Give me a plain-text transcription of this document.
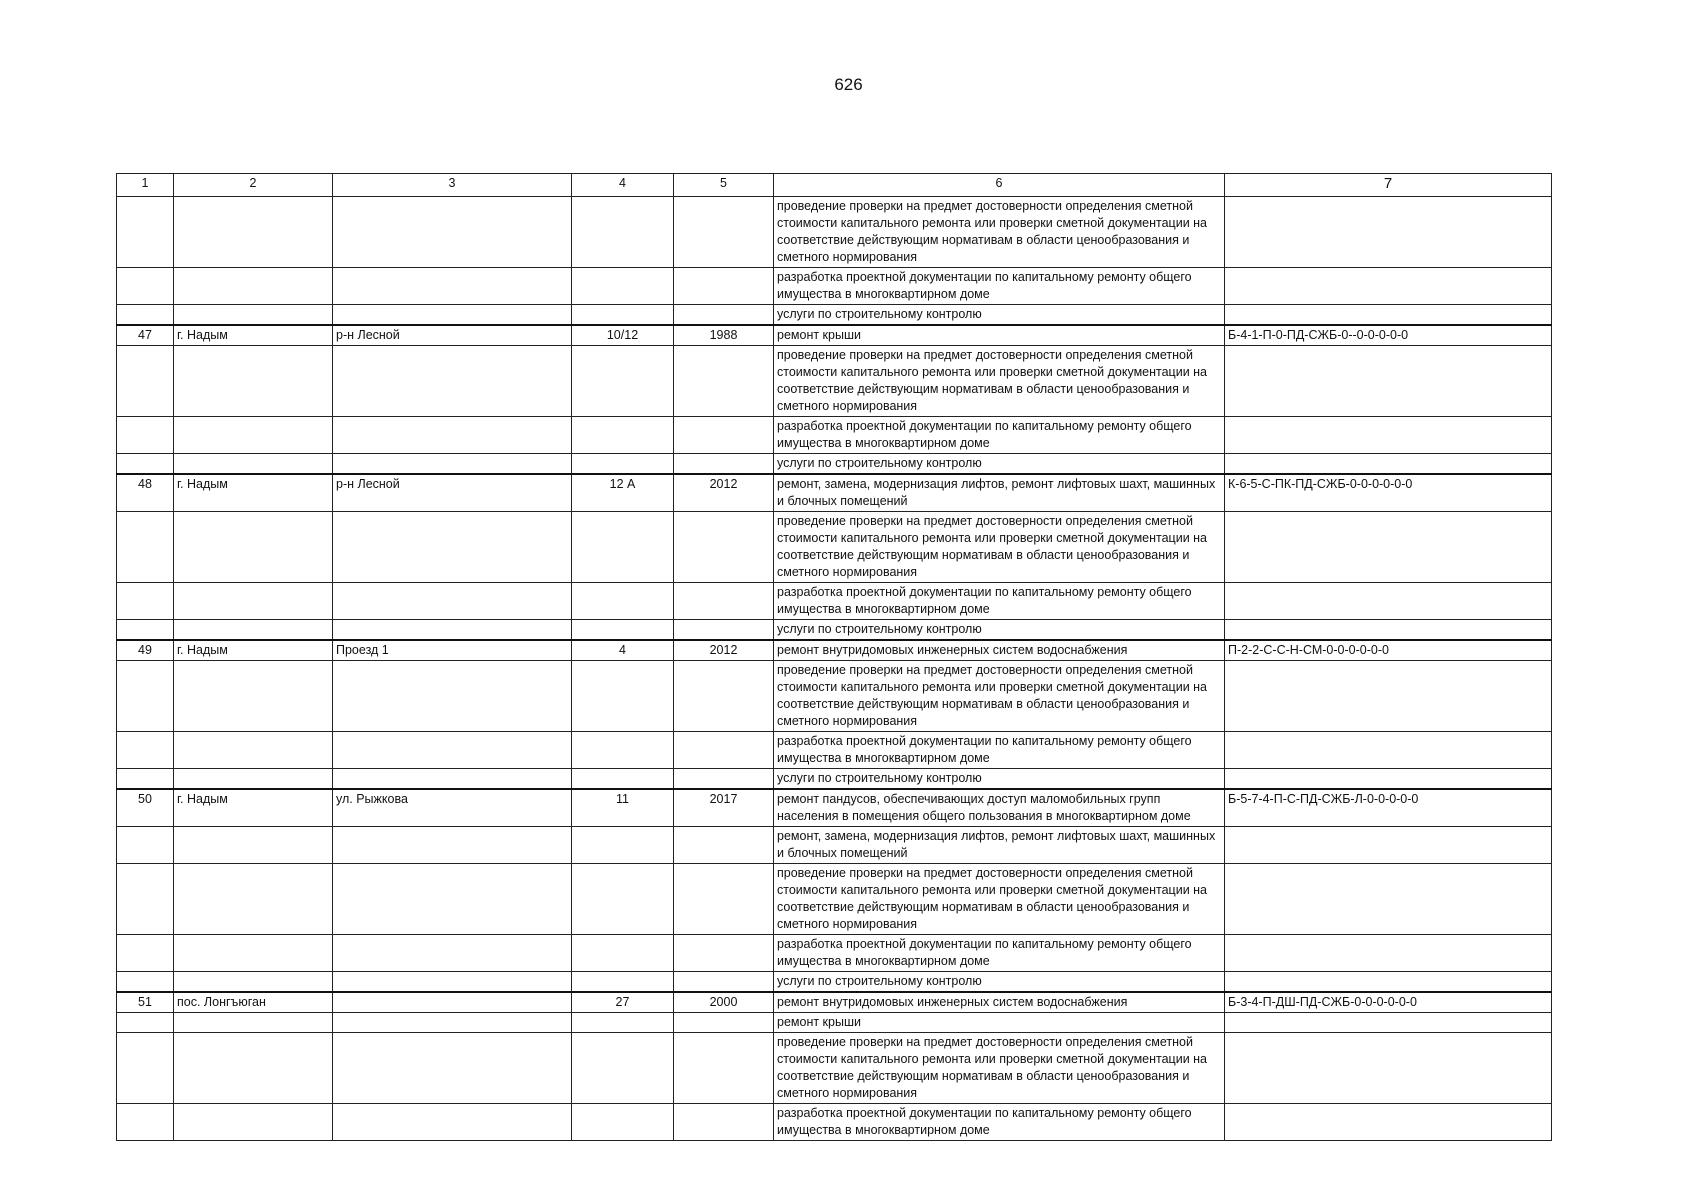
626
1	2	3	4	5	6	7
					проведение проверки на предмет достоверности определения сметной стоимости капитального ремонта или проверки сметной документации на соответствие действующим нормативам в области ценообразования и сметного нормирования	
					разработка проектной документации по капитальному ремонту общего имущества в многоквартирном доме	
					услуги по строительному контролю	
47	г. Надым	р-н Лесной	10/12	1988	ремонт крыши	Б-4-1-П-0-ПД-СЖБ-0--0-0-0-0-0
					проведение проверки на предмет достоверности определения сметной стоимости капитального ремонта или проверки сметной документации на соответствие действующим нормативам в области ценообразования и сметного нормирования	
					разработка проектной документации по капитальному ремонту общего имущества в многоквартирном доме	
					услуги по строительному контролю	
48	г. Надым	р-н Лесной	12 А	2012	ремонт, замена, модернизация лифтов, ремонт лифтовых шахт, машинных и блочных помещений	К-6-5-С-ПК-ПД-СЖБ-0-0-0-0-0-0
					проведение проверки на предмет достоверности определения сметной стоимости капитального ремонта или проверки сметной документации на соответствие действующим нормативам в области ценообразования и сметного нормирования	
					разработка проектной документации по капитальному ремонту общего имущества в многоквартирном доме	
					услуги по строительному контролю	
49	г. Надым	Проезд 1	4	2012	ремонт внутридомовых инженерных систем водоснабжения	П-2-2-С-С-Н-СМ-0-0-0-0-0-0
					проведение проверки на предмет достоверности определения сметной стоимости капитального ремонта или проверки сметной документации на соответствие действующим нормативам в области ценообразования и сметного нормирования	
					разработка проектной документации по капитальному ремонту общего имущества в многоквартирном доме	
					услуги по строительному контролю	
50	г. Надым	ул. Рыжкова	11	2017	ремонт пандусов, обеспечивающих доступ маломобильных групп населения в помещения общего пользования в многоквартирном доме	Б-5-7-4-П-С-ПД-СЖБ-Л-0-0-0-0-0
					ремонт, замена, модернизация лифтов, ремонт лифтовых шахт, машинных и блочных помещений	
					проведение проверки на предмет достоверности определения сметной стоимости капитального ремонта или проверки сметной документации на соответствие действующим нормативам в области ценообразования и сметного нормирования	
					разработка проектной документации по капитальному ремонту общего имущества в многоквартирном доме	
					услуги по строительному контролю	
51	пос. Лонгъюган		27	2000	ремонт внутридомовых инженерных систем водоснабжения	Б-3-4-П-ДШ-ПД-СЖБ-0-0-0-0-0-0
					ремонт крыши	
					проведение проверки на предмет достоверности определения сметной стоимости капитального ремонта или проверки сметной документации на соответствие действующим нормативам в области ценообразования и сметного нормирования	
					разработка проектной документации по капитальному ремонту общего имущества в многоквартирном доме	
